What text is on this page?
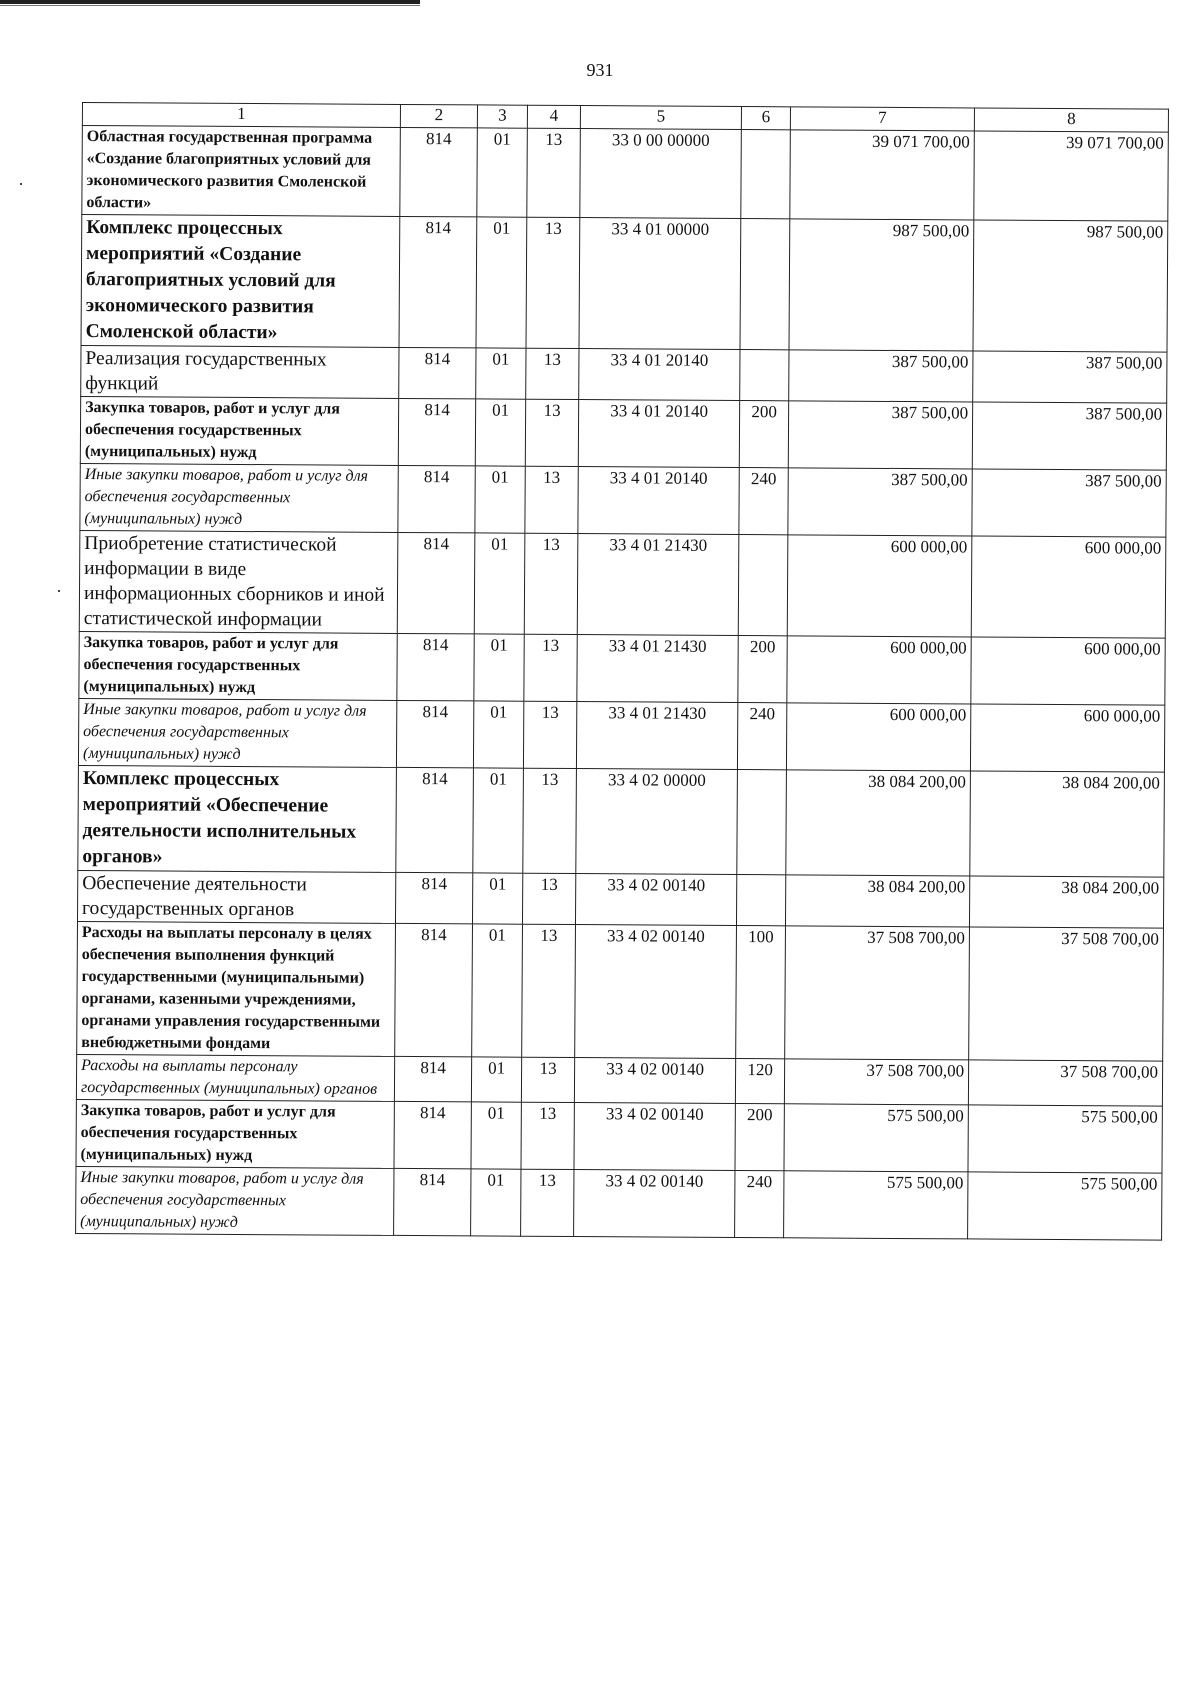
931
1	2	3	4	5	6	7	8
Областная государственная программа «Создание благоприятных условий для экономического развития Смоленской области»	814	01	13	33 0 00 00000		39 071 700,00	39 071 700,00
Комплекс процессных мероприятий «Создание благоприятных условий для экономического развития Смоленской области»	814	01	13	33 4 01 00000		987 500,00	987 500,00
Реализация государственных функций	814	01	13	33 4 01 20140		387 500,00	387 500,00
Закупка товаров, работ и услуг для обеспечения государственных (муниципальных) нужд	814	01	13	33 4 01 20140	200	387 500,00	387 500,00
Иные закупки товаров, работ и услуг для обеспечения государственных (муниципальных) нужд	814	01	13	33 4 01 20140	240	387 500,00	387 500,00
Приобретение статистической информации в виде информационных сборников и иной статистической информации	814	01	13	33 4 01 21430		600 000,00	600 000,00
Закупка товаров, работ и услуг для обеспечения государственных (муниципальных) нужд	814	01	13	33 4 01 21430	200	600 000,00	600 000,00
Иные закупки товаров, работ и услуг для обеспечения государственных (муниципальных) нужд	814	01	13	33 4 01 21430	240	600 000,00	600 000,00
Комплекс процессных мероприятий «Обеспечение деятельности исполнительных органов»	814	01	13	33 4 02 00000		38 084 200,00	38 084 200,00
Обеспечение деятельности государственных органов	814	01	13	33 4 02 00140		38 084 200,00	38 084 200,00
Расходы на выплаты персоналу в целях обеспечения выполнения функций государственными (муниципальными) органами, казенными учреждениями, органами управления государственными внебюджетными фондами	814	01	13	33 4 02 00140	100	37 508 700,00	37 508 700,00
Расходы на выплаты персоналу государственных (муниципальных) органов	814	01	13	33 4 02 00140	120	37 508 700,00	37 508 700,00
Закупка товаров, работ и услуг для обеспечения государственных (муниципальных) нужд	814	01	13	33 4 02 00140	200	575 500,00	575 500,00
Иные закупки товаров, работ и услуг для обеспечения государственных (муниципальных) нужд	814	01	13	33 4 02 00140	240	575 500,00	575 500,00
